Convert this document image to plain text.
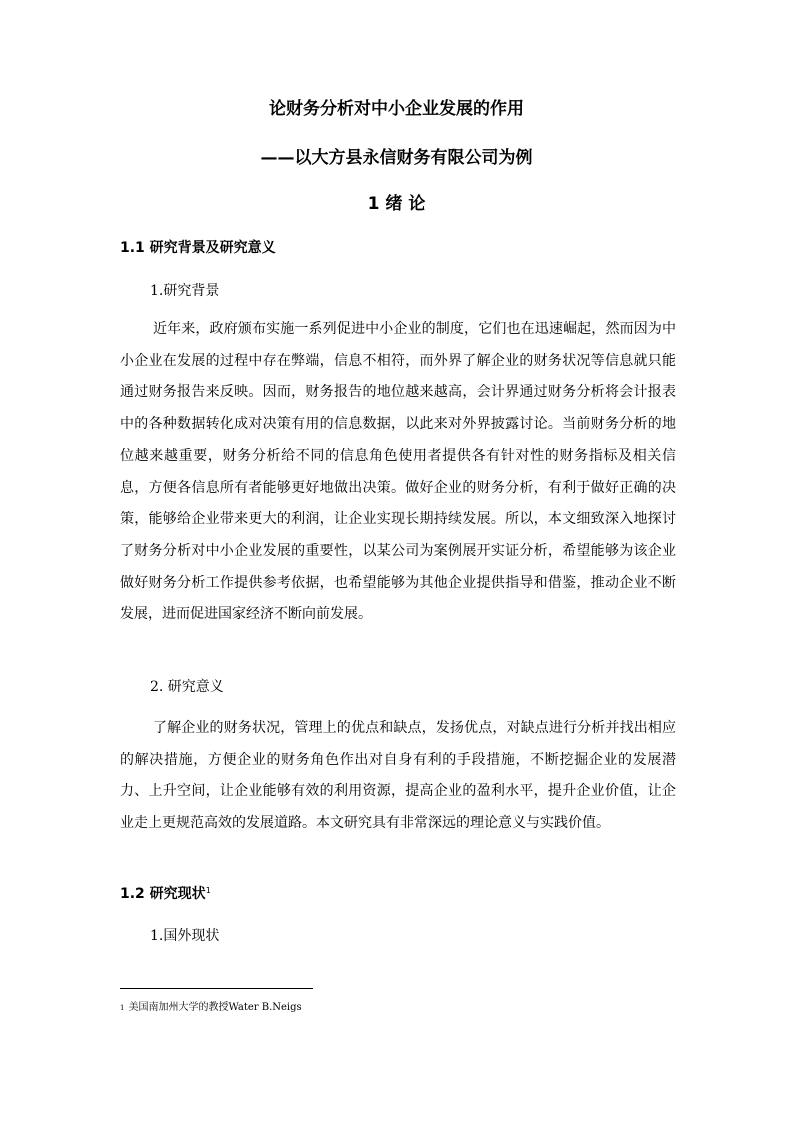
论财务分析对中小企业发展的作用
——以大方县永信财务有限公司为例
1 绪 论
1.1 研究背景及研究意义
1.研究背景

近年来，政府颁布实施一系列促进中小企业的制度，它们也在迅速崛起，然而因为中小企业在发展的过程中存在弊端，信息不相符，而外界了解企业的财务状况等信息就只能通过财务报告来反映。因而，财务报告的地位越来越高，会计界通过财务分析将会计报表中的各种数据转化成对决策有用的信息数据，以此来对外界披露讨论。当前财务分析的地位越来越重要，财务分析给不同的信息角色使用者提供各有针对性的财务指标及相关信息，方便各信息所有者能够更好地做出决策。做好企业的财务分析，有利于做好正确的决策，能够给企业带来更大的利润，让企业实现长期持续发展。所以，本文细致深入地探讨了财务分析对中小企业发展的重要性，以某公司为案例展开实证分析，希望能够为该企业做好财务分析工作提供参考依据，也希望能够为其他企业提供指导和借鉴，推动企业不断发展，进而促进国家经济不断向前发展。

2. 研究意义

了解企业的财务状况，管理上的优点和缺点，发扬优点，对缺点进行分析并找出相应的解决措施，方便企业的财务角色作出对自身有利的手段措施，不断挖掘企业的发展潜力、上升空间，让企业能够有效的利用资源，提高企业的盈利水平，提升企业价值，让企业走上更规范高效的发展道路。本文研究具有非常深远的理论意义与实践价值。

1.2 研究现状$^1$
1.国外现状
$^1$ 美国南加州大学的教授Water B.Neigs
